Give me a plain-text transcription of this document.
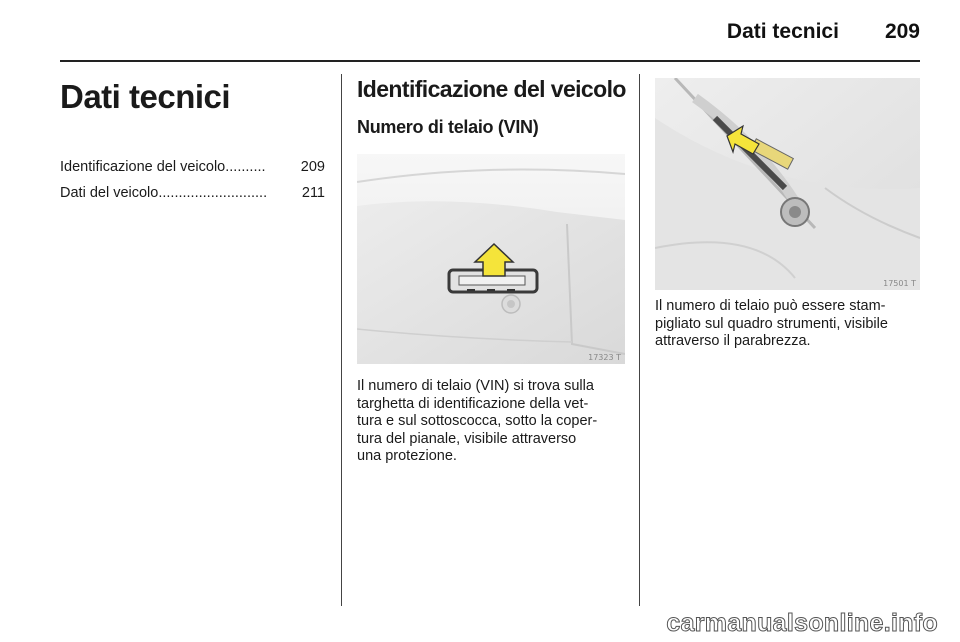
Dati tecnici 209
Dati tecnici
Identificazione del veicolo ..........	209
Dati del veicolo ...........................	211
Identificazione del veicolo
Numero di telaio (VIN)
17323 T
Il numero di telaio (VIN) si trova sulla
targhetta di identificazione della vet-
tura e sul sottoscocca, sotto la coper-
tura del pianale, visibile attraverso
una protezione.
17501 T
Il numero di telaio può essere stam-
pigliato sul quadro strumenti, visibile
attraverso il parabrezza.
carmanualsonline.info
